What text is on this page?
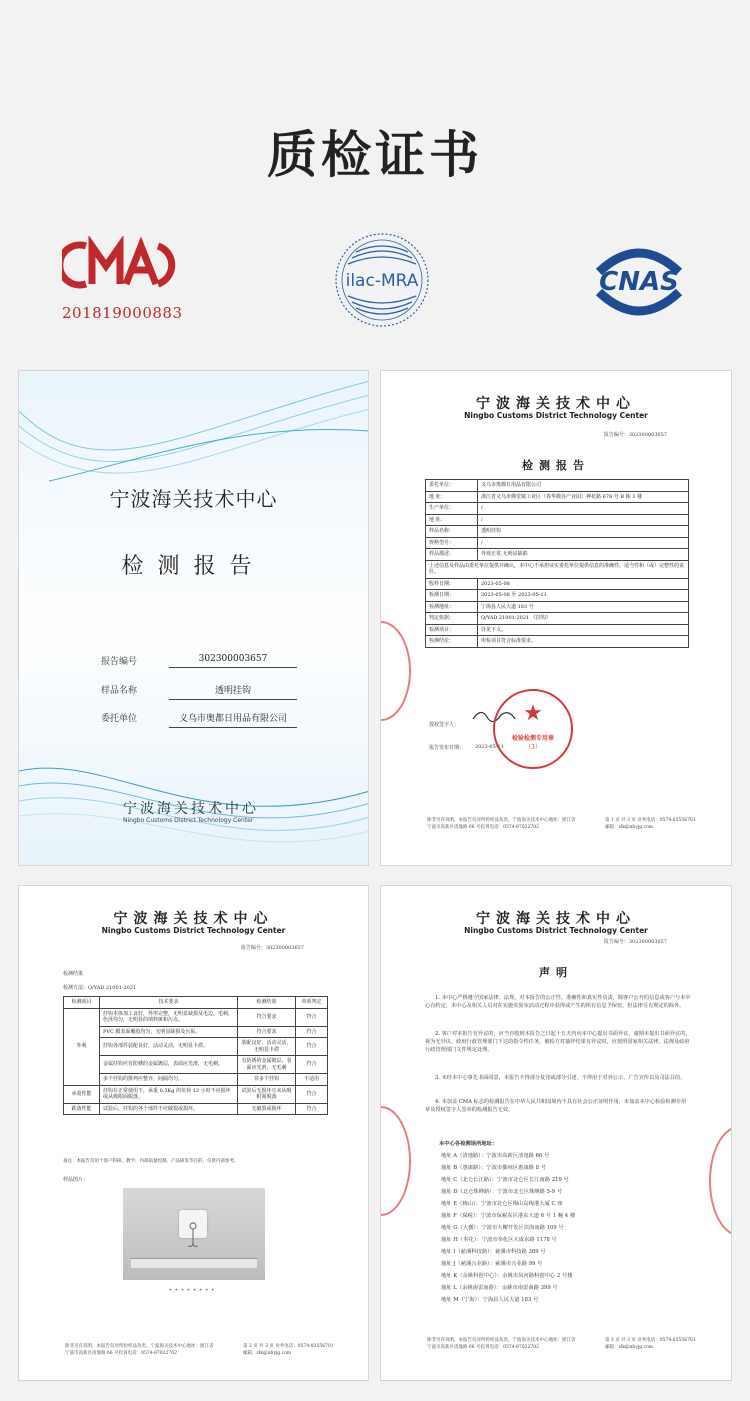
质检证书
201819000883
ilac-MRA	CNAS
宁波海关技术中心
检测报告
报告编号	302300003657
样品名称	透明挂钩
委托单位	义乌市奥都日用品有限公司
宁波海关技术中心
Ningbo Customs District Technology Center
宁波海关技术中心
Ningbo Customs District Technology Center
报告编号：302300003657
检测报告
委托单位：	义乌市奥都日用品有限公司
地 址：	浙江省义乌市佛堂镇工业区（春华微谷产业园）神花路 678 号 B 栋 3 楼
生产单位：	/
地 址：	/
样品名称：	透明挂钩
规格型号：	/
样品描述：	外观正常,无明显缺陷
上述信息及样品由委托单位提供并确认，本中心不承担证实委托单位提供信息的准确性、适当性和（或）完整性的责任。	
收样日期：	2023-05-08
检测日期：	2023-05-08 至 2023-05-11
检测地址：	宁海县人民大道 183 号
判定依据：	Q/YAD 21001-2021 《挂钩》
检测项目：	详见下文。
检测结论：	所检项目符合标准要求。
授权签字人：
报告发布日期： 2023-05-11
★
检验检测专用章
（3）
除非另有说明，本报告仅对所检样品负责。宁波海关技术中心地址：浙江省宁波市高新区清逸路 66 号投诉电话：0574-87022702
第 1 页 共 3 页 业务电话：0574-83556701 邮箱：zlk@nbyjg.com
宁波海关技术中心
Ningbo Customs District Technology Center
报告编号：302300003657
检测结果
检测方法：Q/YAD 21001-2021
检测项目	技术要求	检测结果	单项判定
外观	挂钩本体加工良好，外形完整，无明显缺损及毛边、毛刺，色泽均匀，无明显的填料斑和污点。	符合要求	符合
	PVC 膜表面覆胶均匀，无明显缺损及污垢。	符合要求	符合
	挂钩各部件装配良好，活动灵活，无明显卡滞。	装配良好，活动灵活，无明显卡滞	符合
	金属挂钩应有防锈的金属镀层，表面应光滑，无毛刺。	有防锈的金属镀层，表面应光滑，无毛刺	符合
	多个挂钩的排列应整齐，间隔均匀。	非多个挂钩	不适用
承重性能	挂钩在正常使用下，承重 0.5Kg 的负荷 12 小时不应损坏或从吸附面脱落。	试验后无损坏且未从吸附面脱落	符合
跌落性能	试验后，挂钩的各个部件不应破裂或损坏。	无破裂或损坏	符合
备注：本报告仅用于客户科研、教学、内部质量控制、产品研发等目的，仅供内部参考。
样品图片：
* * * * * * * *
除非另有说明，本报告仅对所检样品负责。宁波海关技术中心地址：浙江省宁波市高新区清逸路 66 号投诉电话：0574-87022702
第 2 页 共 3 页 业务电话：0574-83556701 邮箱：zlk@nbyjg.com
宁波海关技术中心
Ningbo Customs District Technology Center
报告编号：302300003657
声明
1. 本中心严格遵守国家法律、法规，对本报告的公正性、准确性和真实性负责，除客户公开的信息或客户与本中心有约定，本中心及相关人员对在实施实验室活动过程中获得或产生的所有信息予保密，但法律另有规定的除外。
2. 客户对本报告有异议的，应当自收到本报告之日起十五天内向本中心提出书面异议，逾期未提出书面异议的，视为无异议，政府行政管理部门下达的指令性任务，被检方对抽样结果有异议时，应按照国家相关法律、法规及政府行政管理部门文件规定处理。
3. 未经本中心事先书面同意，本报告不得部分复印或部分引述，不得用于对外公示、广告宣传以及司法目的。
4. 未加盖 CMA 标志的检测报告在中华人民共和国境内不具有社会公正证明作用，未加盖本中心检验检测专用章及授权签字人签章的检测报告无效。
本中心各检测场所地址：
地址 A（清逸路）：宁波市高新区清逸路 66 号
地址 B（惠康路）：宁波市鄞州区惠康路 8 号
地址 C（北仑长江路）：宁波市北仑区长江南路 219 号
地址 D（北仑珠峰路）：宁波市北仑区珠峰路 5-9 号
地址 E（梅山）：宁波市北仑区梅山岛梅港大厦 C 座
地址 F（保税）：宁波市保税东区港东大道 6 号 1 幢 4 楼
地址 G（大榭）：宁波市大榭开发区滨海南路 109 号
地址 H（奉化）：宁波市奉化区大成东路 1178 号
地址 I（慈溪科技路）：慈溪市科技路 389 号
地址 J（慈溪兴业路）：慈溪市兴业路 99 号
地址 K（余姚科创中心）：余姚市凤河路科创中心 2 号楼
地址 L（余姚南雷南路）：余姚市南雷南路 399 号
地址 M（宁海）：宁海县人民大道 183 号
除非另有说明，本报告仅对所检样品负责。宁波海关技术中心地址：浙江省宁波市高新区清逸路 66 号投诉电话：0574-87022702
第 3 页 共 3 页 业务电话：0574-83556701 邮箱：zlk@nbyjg.com
